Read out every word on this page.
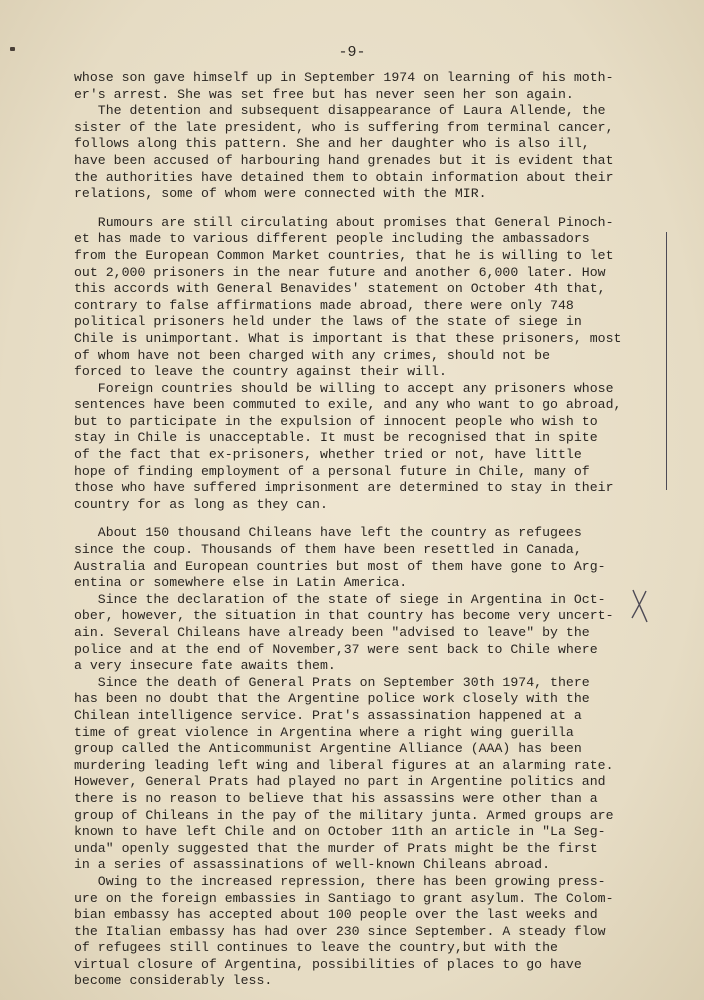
-9-
whose son gave himself up in September 1974 on learning of his moth-
er's arrest. She was set free but has never seen her son again.
The detention and subsequent disappearance of Laura Allende, the
sister of the late president, who is suffering from terminal cancer,
follows along this pattern. She and her daughter who is also ill,
have been accused of harbouring hand grenades but it is evident that
the authorities have detained them to obtain information about their
relations, some of whom were connected with the MIR.
Rumours are still circulating about promises that General Pinoch-
et has made to various different people including the ambassadors
from the European Common Market countries, that he is willing to let
out 2,000 prisoners in the near future and another 6,000 later. How
this accords with General Benavides' statement on October 4th that,
contrary to false affirmations made abroad, there were only 748
political prisoners held under the laws of the state of siege in
Chile is unimportant. What is important is that these prisoners, most
of whom have not been charged with any crimes, should not be
forced to leave the country against their will.
Foreign countries should be willing to accept any prisoners whose
sentences have been commuted to exile, and any who want to go abroad,
but to participate in the expulsion of innocent people who wish to
stay in Chile is unacceptable. It must be recognised that in spite
of the fact that ex-prisoners, whether tried or not, have little
hope of finding employment of a personal future in Chile, many of
those who have suffered imprisonment are determined to stay in their
country for as long as they can.
About 150 thousand Chileans have left the country as refugees
since the coup. Thousands of them have been resettled in Canada,
Australia and European countries but most of them have gone to Arg-
entina or somewhere else in Latin America.
Since the declaration of the state of siege in Argentina in Oct-
ober, however, the situation in that country has become very uncert-
ain. Several Chileans have already been "advised to leave" by the
police and at the end of November,37 were sent back to Chile where
a very insecure fate awaits them.
Since the death of General Prats on September 30th 1974, there
has been no doubt that the Argentine police work closely with the
Chilean intelligence service. Prat's assassination happened at a
time of great violence in Argentina where a right wing guerilla
group called the Anticommunist Argentine Alliance (AAA) has been
murdering leading left wing and liberal figures at an alarming rate.
However, General Prats had played no part in Argentine politics and
there is no reason to believe that his assassins were other than a
group of Chileans in the pay of the military junta. Armed groups are
known to have left Chile and on October 11th an article in "La Seg-
unda" openly suggested that the murder of Prats might be the first
in a series of assassinations of well-known Chileans abroad.
Owing to the increased repression, there has been growing press-
ure on the foreign embassies in Santiago to grant asylum. The Colom-
bian embassy has accepted about 100 people over the last weeks and
the Italian embassy has had over 230 since September. A steady flow
of refugees still continues to leave the country,but with the
virtual closure of Argentina, possibilities of places to go have
become considerably less.
